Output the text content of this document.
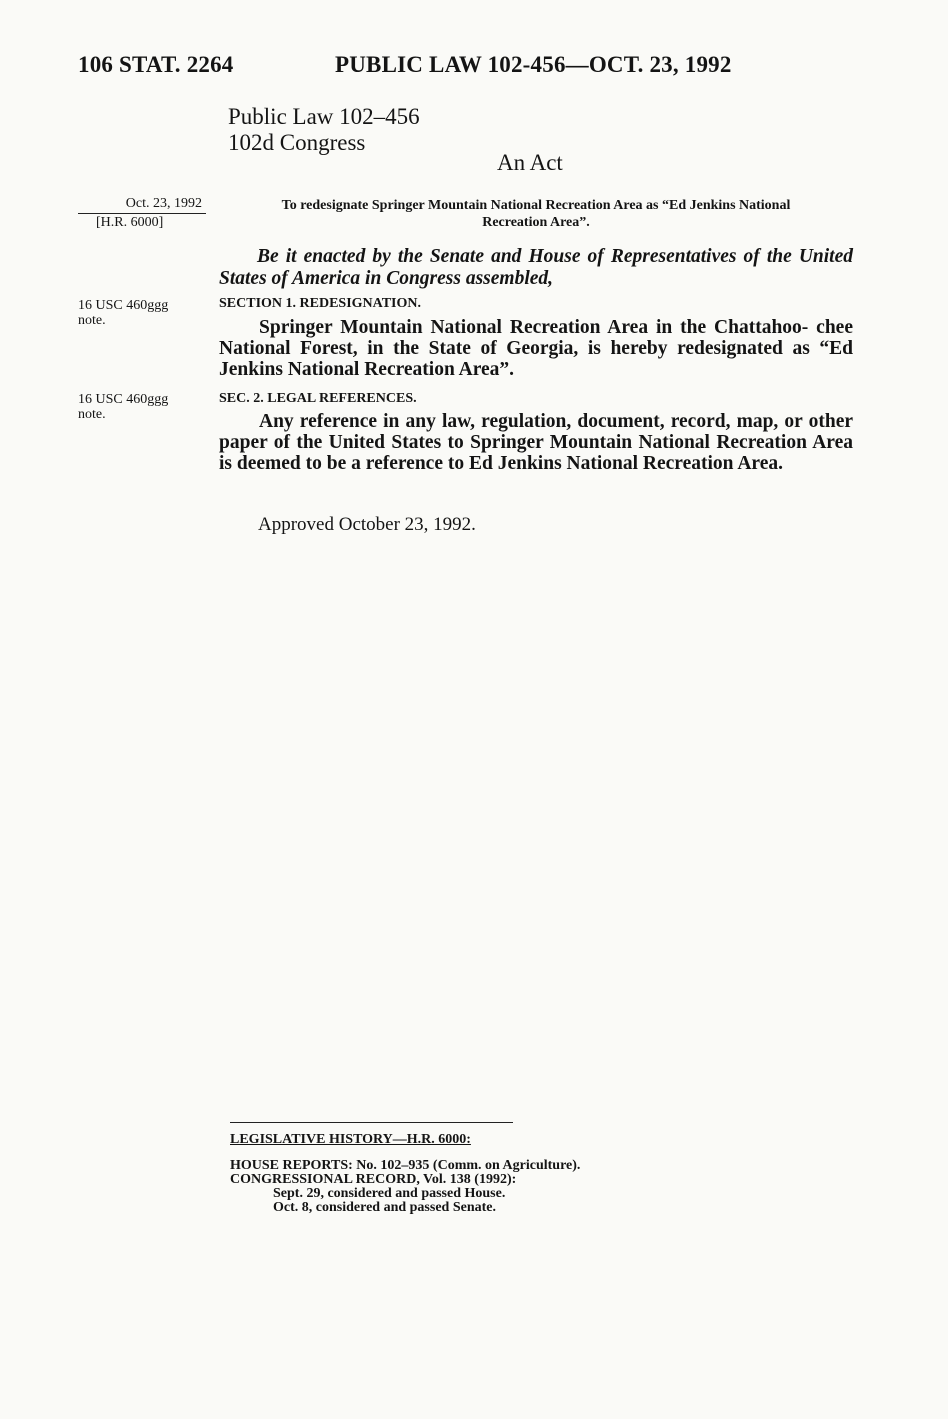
106 STAT. 2264	PUBLIC LAW 102-456—OCT. 23, 1992
Public Law 102–456
102d Congress
An Act
Oct. 23, 1992
[H.R. 6000]
16 USC 460ggg
note.
16 USC 460ggg
note.
To redesignate Springer Mountain National Recreation Area as “Ed Jenkins National
Recreation Area”.

Be it enacted by the Senate and House of Representatives of the United States of America in Congress assembled,

SECTION 1. REDESIGNATION.

Springer Mountain National Recreation Area in the Chattahoo- chee National Forest, in the State of Georgia, is hereby redesignated as “Ed Jenkins National Recreation Area”.

SEC. 2. LEGAL REFERENCES.

Any reference in any law, regulation, document, record, map, or other paper of the United States to Springer Mountain National Recreation Area is deemed to be a reference to Ed Jenkins National Recreation Area.

Approved October 23, 1992.
LEGISLATIVE HISTORY—H.R. 6000:
HOUSE REPORTS: No. 102–935 (Comm. on Agriculture).
CONGRESSIONAL RECORD, Vol. 138 (1992):
Sept. 29, considered and passed House.
Oct. 8, considered and passed Senate.
